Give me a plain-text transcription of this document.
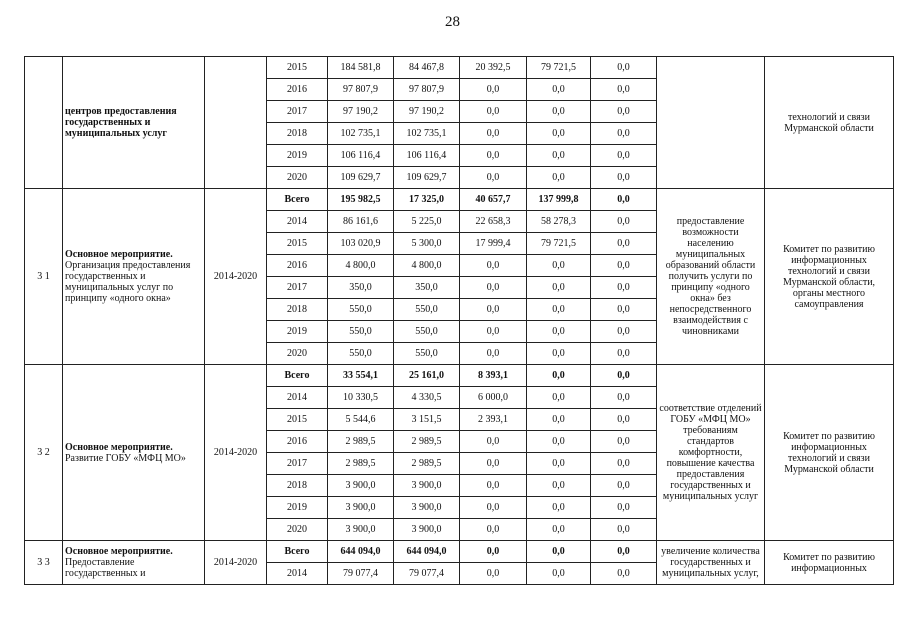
28
	центров предоставления государственных и муниципальных услуг		2015	184 581,8	84 467,8	20 392,5	79 721,5	0,0		технологий и связи Мурманской области
			2016	97 807,9	97 807,9	0,0	0,0	0,0		
			2017	97 190,2	97 190,2	0,0	0,0	0,0		
			2018	102 735,1	102 735,1	0,0	0,0	0,0		
			2019	106 116,4	106 116,4	0,0	0,0	0,0		
			2020	109 629,7	109 629,7	0,0	0,0	0,0		
3 1	Основное мероприятие.
Организация предоставления государственных и муниципальных услуг по принципу «одного окна»	2014-2020	Всего	195 982,5	17 325,0	40 657,7	137 999,8	0,0	предоставление возможности населению муниципальных образований области получить услуги по принципу «одного окна» без непосредственного взаимодействия с чиновниками	Комитет по развитию информационных технологий и связи Мурманской области, органы местного самоуправления
			2014	86 161,6	5 225,0	22 658,3	58 278,3	0,0		
			2015	103 020,9	5 300,0	17 999,4	79 721,5	0,0		
			2016	4 800,0	4 800,0	0,0	0,0	0,0		
			2017	350,0	350,0	0,0	0,0	0,0		
			2018	550,0	550,0	0,0	0,0	0,0		
			2019	550,0	550,0	0,0	0,0	0,0		
			2020	550,0	550,0	0,0	0,0	0,0		
3 2	Основное мероприятие.
Развитие ГОБУ «МФЦ МО»	2014-2020	Всего	33 554,1	25 161,0	8 393,1	0,0	0,0	соответствие отделений ГОБУ «МФЦ МО» требованиям стандартов комфортности, повышение качества предоставления государственных и муниципальных услуг	Комитет по развитию информационных технологий и связи Мурманской области
			2014	10 330,5	4 330,5	6 000,0	0,0	0,0		
			2015	5 544,6	3 151,5	2 393,1	0,0	0,0		
			2016	2 989,5	2 989,5	0,0	0,0	0,0		
			2017	2 989,5	2 989,5	0,0	0,0	0,0		
			2018	3 900,0	3 900,0	0,0	0,0	0,0		
			2019	3 900,0	3 900,0	0,0	0,0	0,0		
			2020	3 900,0	3 900,0	0,0	0,0	0,0		
3 3	Основное мероприятие.
Предоставление государственных и	2014-2020	Всего	644 094,0	644 094,0	0,0	0,0	0,0	увеличение количества государственных и муниципальных услуг,	Комитет по развитию информационных
			2014	79 077,4	79 077,4	0,0	0,0	0,0		
